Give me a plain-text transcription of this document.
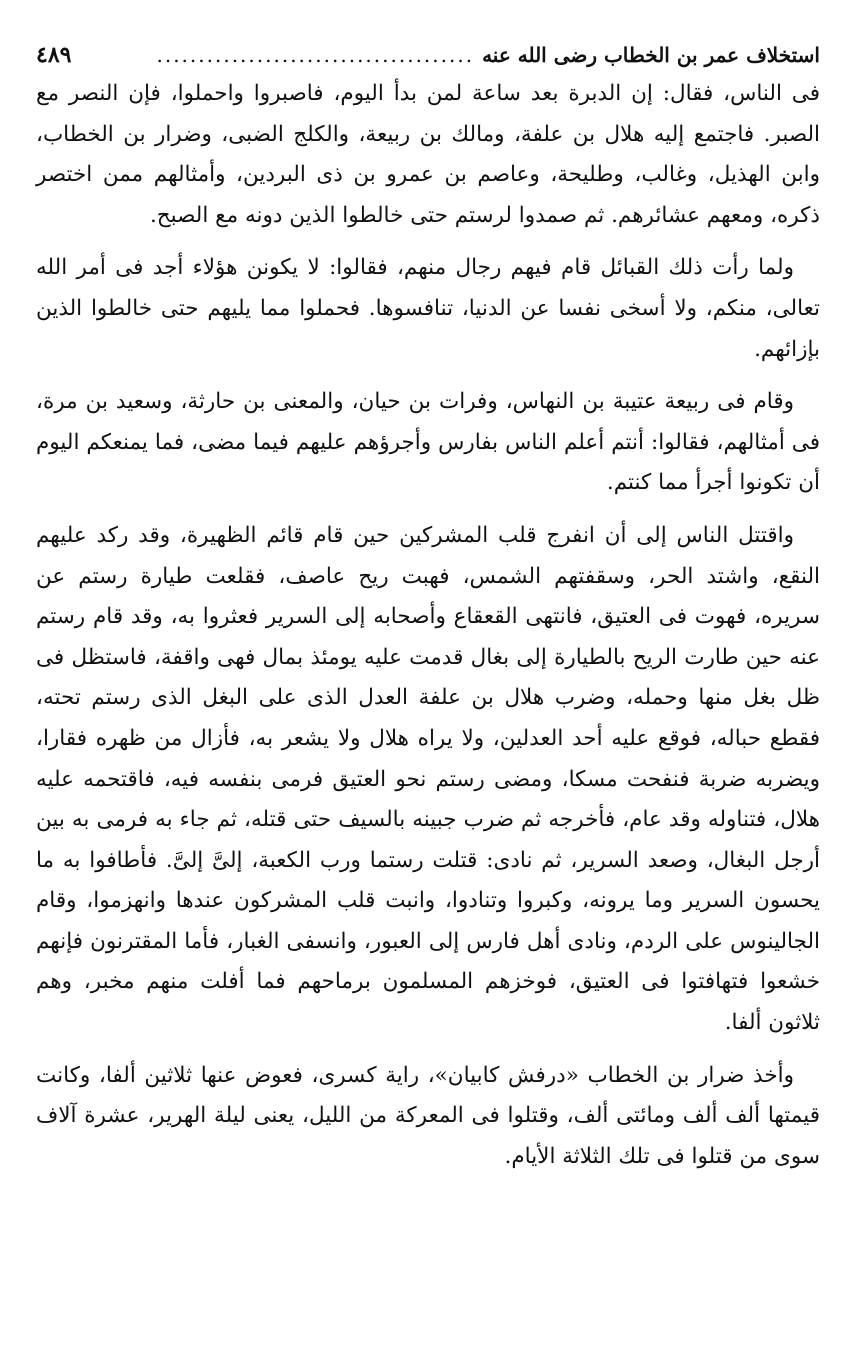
استخلاف عمر بن الخطاب رضى الله عنه
......................................
٤٨٩

فى الناس، فقال: إن الدبرة بعد ساعة لمن بدأ اليوم، فاصبروا واحملوا، فإن النصر مع الصبر. فاجتمع إليه هلال بن علفة، ومالك بن ربيعة، والكلج الضبى، وضرار بن الخطاب، وابن الهذيل، وغالب، وطليحة، وعاصم بن عمرو بن ذى البردين، وأمثالهم ممن اختصر ذكره، ومعهم عشائرهم. ثم صمدوا لرستم حتى خالطوا الذين دونه مع الصبح.

ولما رأت ذلك القبائل قام فيهم رجال منهم، فقالوا: لا يكونن هؤلاء أجد فى أمر الله تعالى، منكم، ولا أسخى نفسا عن الدنيا، تنافسوها. فحملوا مما يليهم حتى خالطوا الذين بإزائهم.

وقام فى ربيعة عتيبة بن النهاس، وفرات بن حيان، والمعنى بن حارثة، وسعيد بن مرة، فى أمثالهم، فقالوا: أنتم أعلم الناس بفارس وأجرؤهم عليهم فيما مضى، فما يمنعكم اليوم أن تكونوا أجرأ مما كنتم.

واقتتل الناس إلى أن انفرج قلب المشركين حين قام قائم الظهيرة، وقد ركد عليهم النقع، واشتد الحر، وسقفتهم الشمس، فهبت ريح عاصف، فقلعت طيارة رستم عن سريره، فهوت فى العتيق، فانتهى القعقاع وأصحابه إلى السرير فعثروا به، وقد قام رستم عنه حين طارت الريح بالطيارة إلى بغال قدمت عليه يومئذ بمال فهى واقفة، فاستظل فى ظل بغل منها وحمله، وضرب هلال بن علفة العدل الذى على البغل الذى رستم تحته، فقطع حباله، فوقع عليه أحد العدلين، ولا يراه هلال ولا يشعر به، فأزال من ظهره فقارا، ويضربه ضربة فنفحت مسكا، ومضى رستم نحو العتيق فرمى بنفسه فيه، فاقتحمه عليه هلال، فتناوله وقد عام، فأخرجه ثم ضرب جبينه بالسيف حتى قتله، ثم جاء به فرمى به بين أرجل البغال، وصعد السرير، ثم نادى: قتلت رستما ورب الكعبة، إلىَّ إلىَّ. فأطافوا به ما يحسون السرير وما يرونه، وكبروا وتنادوا، وانبت قلب المشركون عندها وانهزموا، وقام الجالينوس على الردم، ونادى أهل فارس إلى العبور، وانسفى الغبار، فأما المقترنون فإنهم خشعوا فتهافتوا فى العتيق، فوخزهم المسلمون برماحهم فما أفلت منهم مخبر، وهم ثلاثون ألفا.

وأخذ ضرار بن الخطاب «درفش كابيان»، راية كسرى، فعوض عنها ثلاثين ألفا، وكانت قيمتها ألف ألف ومائتى ألف، وقتلوا فى المعركة من الليل، يعنى ليلة الهرير، عشرة آلاف سوى من قتلوا فى تلك الثلاثة الأيام.
